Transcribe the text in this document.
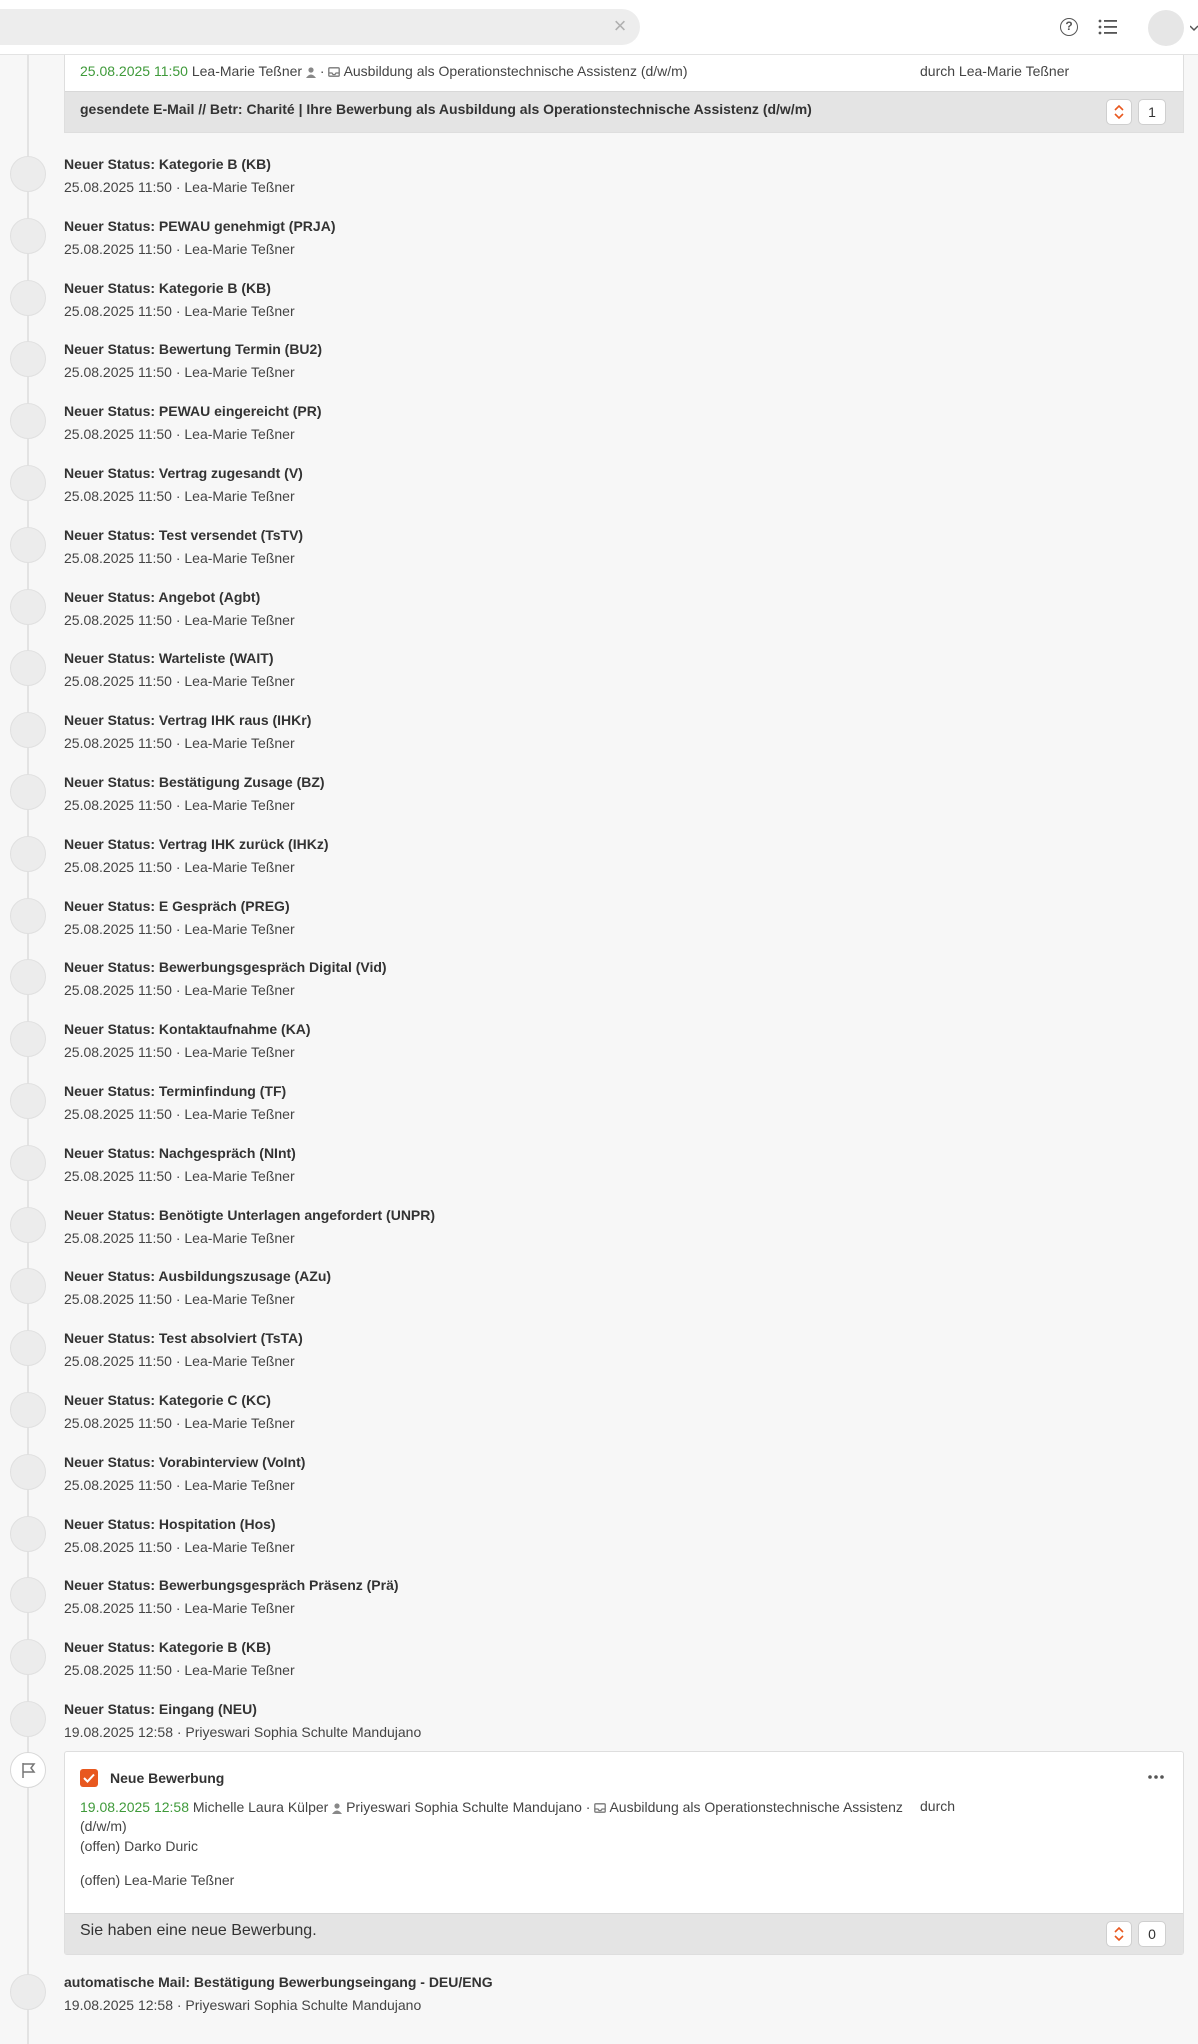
×	?
25.08.2025 11:50 Lea-Marie Teßner · Ausbildung als Operationstechnische Assistenz (d/w/m)	durch Lea-Marie Teßner
gesendete E-Mail // Betr: Charité | Ihre Bewerbung als Ausbildung als Operationstechnische Assistenz (d/w/m)	1
Neuer Status: Kategorie B (KB)
25.08.2025 11:50 · Lea-Marie Teßner
Neuer Status: PEWAU genehmigt (PRJA)
25.08.2025 11:50 · Lea-Marie Teßner
Neuer Status: Kategorie B (KB)
25.08.2025 11:50 · Lea-Marie Teßner
Neuer Status: Bewertung Termin (BU2)
25.08.2025 11:50 · Lea-Marie Teßner
Neuer Status: PEWAU eingereicht (PR)
25.08.2025 11:50 · Lea-Marie Teßner
Neuer Status: Vertrag zugesandt (V)
25.08.2025 11:50 · Lea-Marie Teßner
Neuer Status: Test versendet (TsTV)
25.08.2025 11:50 · Lea-Marie Teßner
Neuer Status: Angebot (Agbt)
25.08.2025 11:50 · Lea-Marie Teßner
Neuer Status: Warteliste (WAIT)
25.08.2025 11:50 · Lea-Marie Teßner
Neuer Status: Vertrag IHK raus (IHKr)
25.08.2025 11:50 · Lea-Marie Teßner
Neuer Status: Bestätigung Zusage (BZ)
25.08.2025 11:50 · Lea-Marie Teßner
Neuer Status: Vertrag IHK zurück (IHKz)
25.08.2025 11:50 · Lea-Marie Teßner
Neuer Status: E Gespräch (PREG)
25.08.2025 11:50 · Lea-Marie Teßner
Neuer Status: Bewerbungsgespräch Digital (Vid)
25.08.2025 11:50 · Lea-Marie Teßner
Neuer Status: Kontaktaufnahme (KA)
25.08.2025 11:50 · Lea-Marie Teßner
Neuer Status: Terminfindung (TF)
25.08.2025 11:50 · Lea-Marie Teßner
Neuer Status: Nachgespräch (NInt)
25.08.2025 11:50 · Lea-Marie Teßner
Neuer Status: Benötigte Unterlagen angefordert (UNPR)
25.08.2025 11:50 · Lea-Marie Teßner
Neuer Status: Ausbildungszusage (AZu)
25.08.2025 11:50 · Lea-Marie Teßner
Neuer Status: Test absolviert (TsTA)
25.08.2025 11:50 · Lea-Marie Teßner
Neuer Status: Kategorie C (KC)
25.08.2025 11:50 · Lea-Marie Teßner
Neuer Status: Vorabinterview (VoInt)
25.08.2025 11:50 · Lea-Marie Teßner
Neuer Status: Hospitation (Hos)
25.08.2025 11:50 · Lea-Marie Teßner
Neuer Status: Bewerbungsgespräch Präsenz (Prä)
25.08.2025 11:50 · Lea-Marie Teßner
Neuer Status: Kategorie B (KB)
25.08.2025 11:50 · Lea-Marie Teßner
Neuer Status: Eingang (NEU)
19.08.2025 12:58 · Priyeswari Sophia Schulte Mandujano
Neue Bewerbung
19.08.2025 12:58 Michelle Laura Külper Priyeswari Sophia Schulte Mandujano · Ausbildung als Operationstechnische Assistenz (d/w/m)
durch
(offen) Darko Duric
(offen) Lea-Marie Teßner
Sie haben eine neue Bewerbung.	0
automatische Mail: Bestätigung Bewerbungseingang - DEU/ENG
19.08.2025 12:58 · Priyeswari Sophia Schulte Mandujano
